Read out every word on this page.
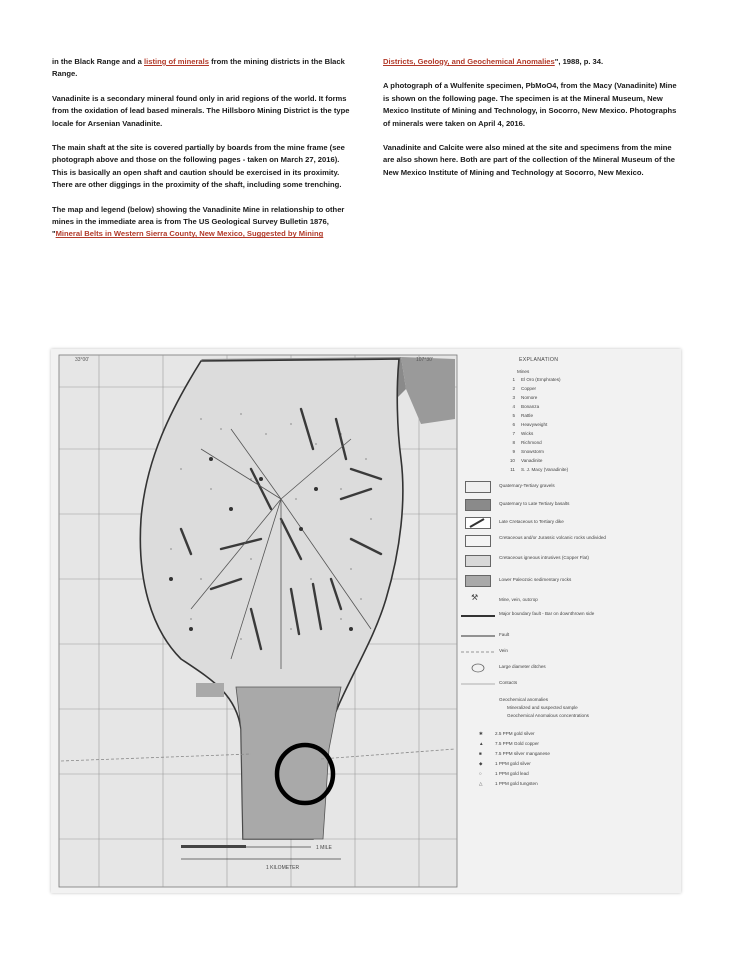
in the Black Range and a listing of minerals from the mining districts in the Black Range.

Vanadinite is a secondary mineral found only in arid regions of the world. It forms from the oxidation of lead based minerals. The Hillsboro Mining District is the type locale for Arsenian Vanadinite.

The main shaft at the site is covered partially by boards from the mine frame (see photograph above and those on the following pages - taken on March 27, 2016). This is basically an open shaft and caution should be exercised in its proximity. There are other diggings in the proximity of the shaft, including some trenching.

The map and legend (below) showing the Vanadinite Mine in relationship to other mines in the immediate area is from The US Geological Survey Bulletin 1876, "Mineral Belts in Western Sierra County, New Mexico, Suggested by Mining

Districts, Geology, and Geochemical Anomalies", 1988, p. 34.

A photograph of a Wulfenite specimen, PbMoO4, from the Macy (Vanadinite) Mine is shown on the following page. The specimen is at the Mineral Museum, New Mexico Institute of Mining and Technology, in Socorro, New Mexico. Photographs of minerals were taken on April 4, 2016.

Vanadinite and Calcite were also mined at the site and specimens from the mine are also shown here. Both are part of the collection of the Mineral Museum of the New Mexico Institute of Mining and Technology at Socorro, New Mexico.

1 MILE
1 KILOMETER
33°00'	107°30'	EXPLANATION
Mines
1 El Oro (Emphrates)
2 Copper
3 Nomore
4 Bonanza
5 Rattle
6 Heavyweight
7 Wicks
8 Richmond
9 Snowstorm
10 Vanadinite
11 S. J. Macy (Vanadinite)
Quaternary-Tertiary gravels
Quaternary to Late Tertiary basalts
Late Cretaceous to Tertiary dike
Cretaceous and/or Jurassic volcanic rocks undivided
Cretaceous igneous intrusives (Copper Flat)
Lower Paleozoic sedimentary rocks
⚒	Mine, vein, outcrop
Major boundary fault - Bar on downthrown side
Fault
Vein
Large diameter ditches
Contacts
Geochemical anomalies
Mineralized and suspected sample
Geochemical Anomalous concentrations
✱	2.5 PPM gold silver
▲ 7.5 PPM Gold copper
■	7.5 PPM silver manganese
◆	1 PPM gold silver
○	1 PPM gold lead
△	1 PPM gold tungsten
